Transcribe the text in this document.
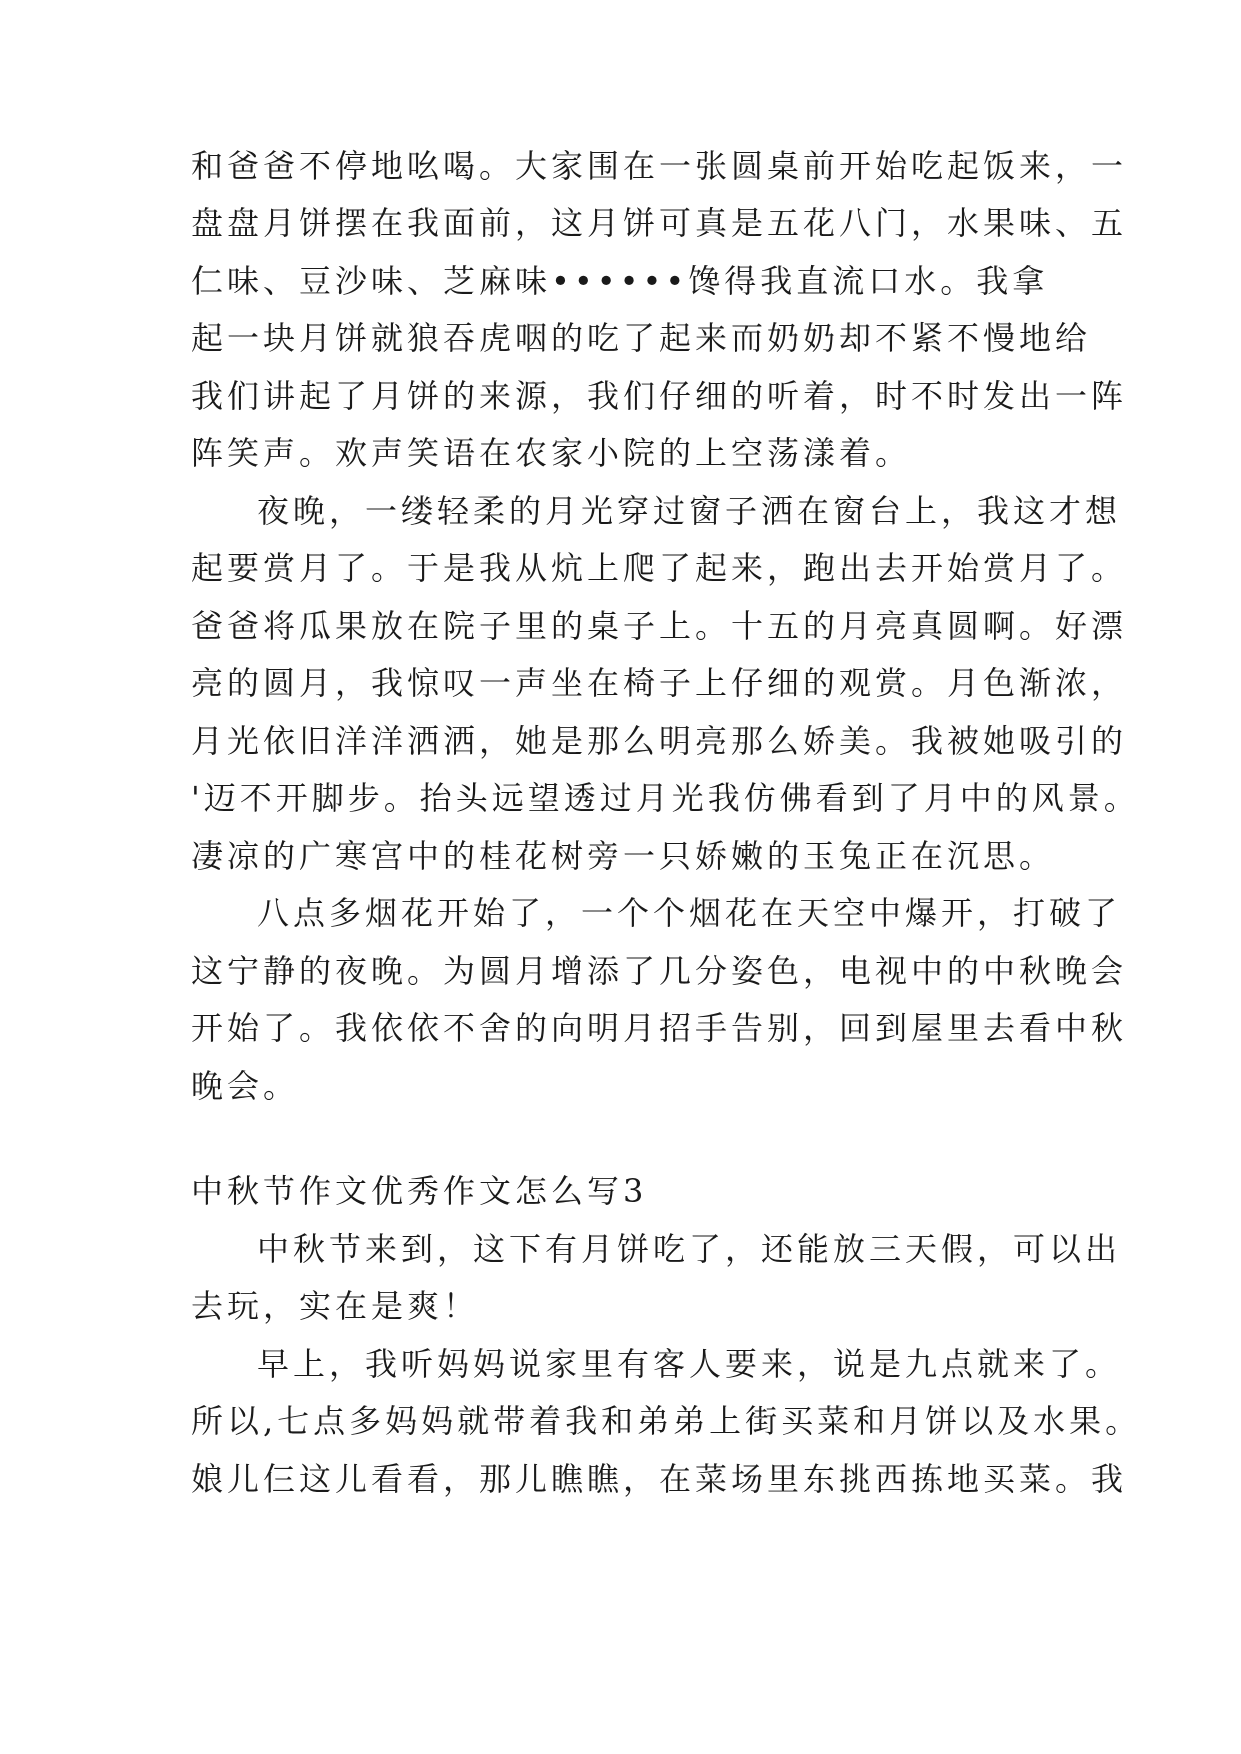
和爸爸不停地吆喝。大家围在一张圆桌前开始吃起饭来，一
盘盘月饼摆在我面前，这月饼可真是五花八门，水果味、五
仁味、豆沙味、芝麻味••••••馋得我直流口水。我拿
起一块月饼就狼吞虎咽的吃了起来而奶奶却不紧不慢地给
我们讲起了月饼的来源，我们仔细的听着，时不时发出一阵
阵笑声。欢声笑语在农家小院的上空荡漾着。
夜晚，一缕轻柔的月光穿过窗子洒在窗台上，我这才想
起要赏月了。于是我从炕上爬了起来，跑出去开始赏月了。
爸爸将瓜果放在院子里的桌子上。十五的月亮真圆啊。好漂
亮的圆月，我惊叹一声坐在椅子上仔细的观赏。月色渐浓，
月光依旧洋洋洒洒，她是那么明亮那么娇美。我被她吸引的
'迈不开脚步。抬头远望透过月光我仿佛看到了月中的风景。
凄凉的广寒宫中的桂花树旁一只娇嫩的玉兔正在沉思。
八点多烟花开始了，一个个烟花在天空中爆开，打破了
这宁静的夜晚。为圆月增添了几分姿色，电视中的中秋晚会
开始了。我依依不舍的向明月招手告别，回到屋里去看中秋
晚会。
中秋节作文优秀作文怎么写3
中秋节来到，这下有月饼吃了，还能放三天假，可以出
去玩，实在是爽！
早上，我听妈妈说家里有客人要来，说是九点就来了。
所以,七点多妈妈就带着我和弟弟上街买菜和月饼以及水果。
娘儿仨这儿看看，那儿瞧瞧，在菜场里东挑西拣地买菜。我
